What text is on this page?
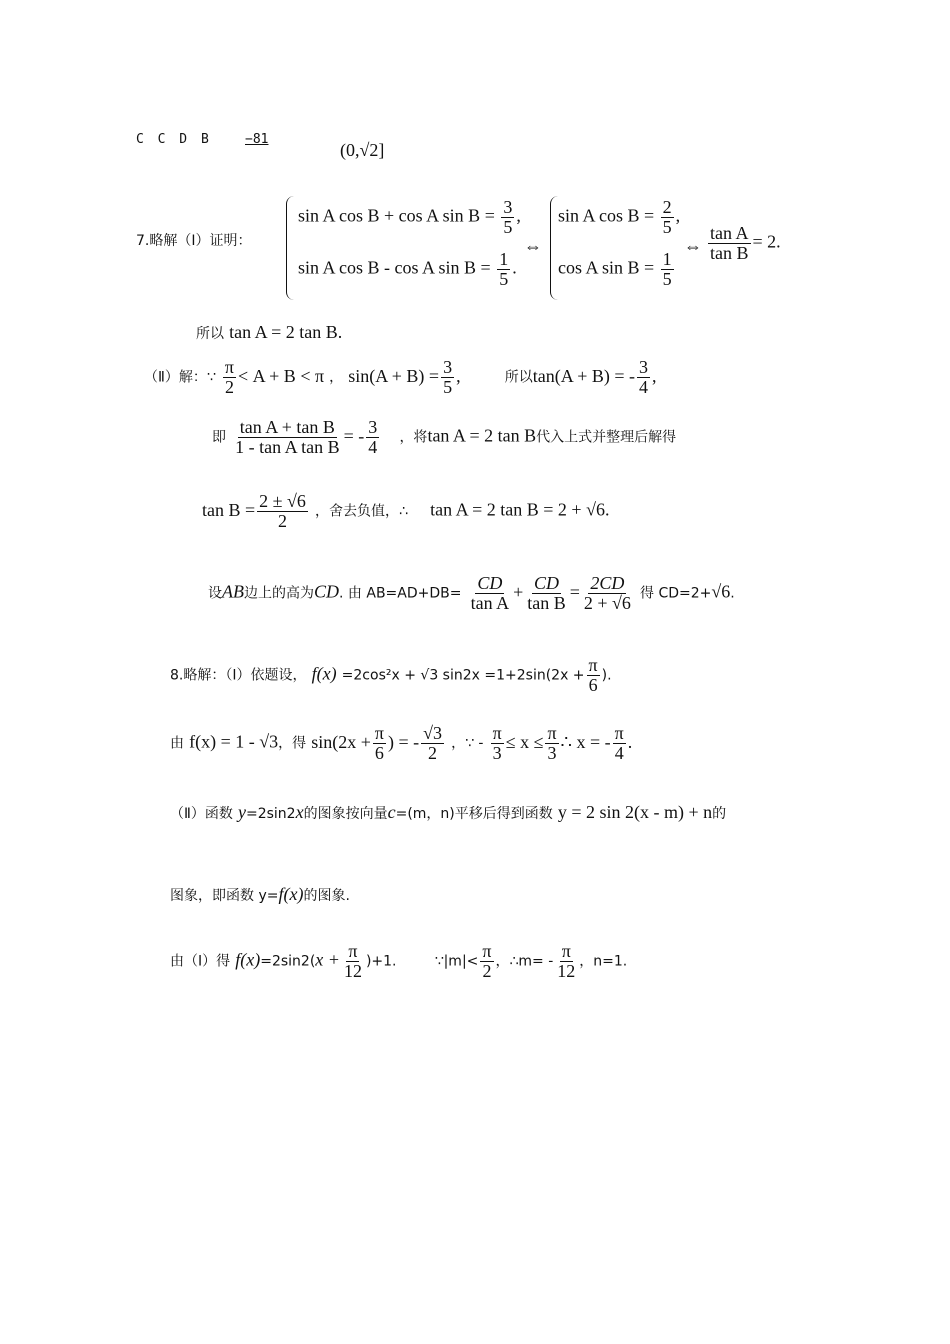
C C D B	−81
(0,√2]
7.略解（Ⅰ）证明：
sin A cos B + cos A $\sin B = \frac{3}{5}$ ,
sin A cos B - cos A $\sin B = \frac{1}{5}$ .
⇔
sin A $\cos B = \frac{2}{5}$ ,
cos A $\sin B = \frac{1}{5}$
⇔ $\frac{\text{tan A}}{\text{tan B}} = 2$.
所以 tan A = 2 tan B.
（Ⅱ）解：∵ $\frac{\pi}{2} < A + B < \pi$ ， $\sin(A + B) = \frac{3}{5}$ ,	所以tan(A + B) = - $\frac{3}{4}$ ,
即 $\frac{\text{tan A + tan B}}{\text{1 - tan A tan B}}$ = - $\frac{3}{4}$ ，将tan A = 2 tan B代入上式并整理后解得
$\tan B = \frac{2 \pm √6}{2}$ ，舍去负值，∴ tan A = 2 tan B = 2 + √6.
设AB边上的高为CD. 由 $AB=AD+DB= \frac{CD}{\text{tan A}} + \frac{CD}{\text{tan B}} = \frac{2CD}{2 + √6}$ 得 CD=2+√6.
8.略解：（Ⅰ）依题设， f(x) =2cos²x + √3 $\sin 2x =1+2\sin(2x + \frac{\pi}{6}$ ).
由 f(x) = 1 - √3，得 $\sin(2x + \frac{\pi}{6}$ ) = - $\frac{√3}{2}$ ，∵ - $\frac{\pi}{3} \le x \le \frac{\pi}{3}$ ∴ x = - $\frac{\pi}{4}$ .
（Ⅱ）函数 y=2sin2x的图象按向量c=(m，n)平移后得到函数 y = 2 sin 2(x - m) + n的
图象，即函数 y=f(x)的图象.
由（Ⅰ）得 $f(x)=2\sin 2(x + \frac{\pi}{12} )+1$.	∵|m|< $\frac{\pi}{2}$ ，∴m= - $\frac{\pi}{12}$ ，n=1.
